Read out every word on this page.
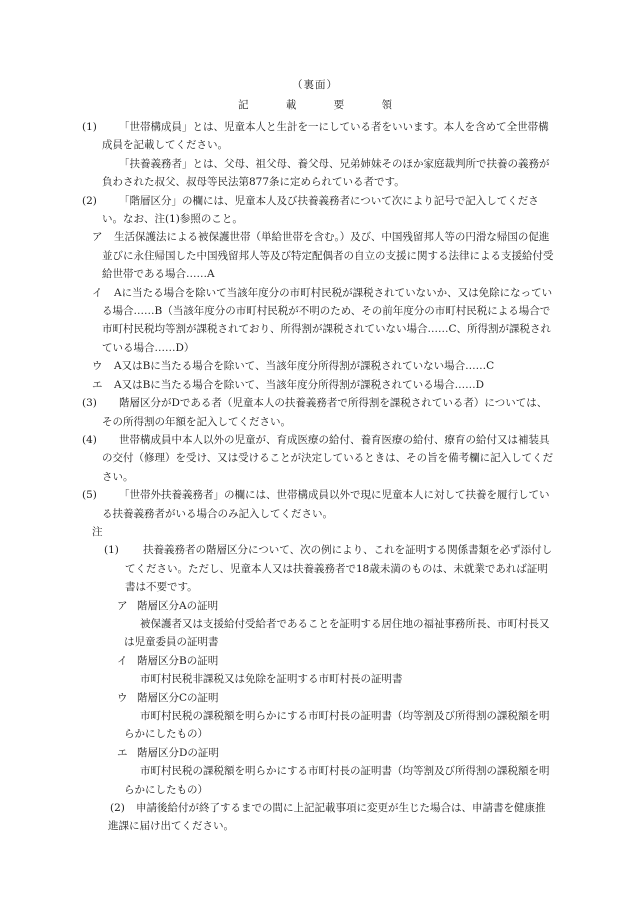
（裏面）
記 載 要 領
(1)	「世帯構成員」とは、児童本人と生計を一にしている者をいいます。本人を含めて全世帯構成員を記載してください。
「扶養義務者」とは、父母、祖父母、養父母、兄弟姉妹そのほか家庭裁判所で扶養の義務が負わされた叔父、叔母等民法第877条に定められている者です。
(2)	「階層区分」の欄には、児童本人及び扶養義務者について次により記号で記入してください。なお、注(1)参照のこと。
ア	生活保護法による被保護世帯（単給世帯を含む。）及び、中国残留邦人等の円滑な帰国の促進並びに永住帰国した中国残留邦人等及び特定配偶者の自立の支援に関する法律による支援給付受給世帯である場合……A
イ	Aに当たる場合を除いて当該年度分の市町村民税が課税されていないか、又は免除になっている場合……B（当該年度分の市町村民税が不明のため、その前年度分の市町村民税による場合で市町村民税均等割が課税されており、所得割が課税されていない場合……C、所得割が課税されている場合……D）
ウ	A又はBに当たる場合を除いて、当該年度分所得割が課税されていない場合……C
エ	A又はBに当たる場合を除いて、当該年度分所得割が課税されている場合……D
(3)	階層区分がDである者（児童本人の扶養義務者で所得割を課税されている者）については、その所得割の年額を記入してください。
(4)	世帯構成員中本人以外の児童が、育成医療の給付、養育医療の給付、療育の給付又は補装具の交付（修理）を受け、又は受けることが決定しているときは、その旨を備考欄に記入してください。
(5)	「世帯外扶養義務者」の欄には、世帯構成員以外で現に児童本人に対して扶養を履行している扶養義務者がいる場合のみ記入してください。
注
(1)	扶養義務者の階層区分について、次の例により、これを証明する関係書類を必ず添付してください。ただし、児童本人又は扶養義務者で18歳未満のものは、未就業であれば証明書は不要です。
ア 階層区分Aの証明
被保護者又は支援給付受給者であることを証明する居住地の福祉事務所長、市町村長又は児童委員の証明書
イ 階層区分Bの証明
市町村民税非課税又は免除を証明する市町村長の証明書
ウ 階層区分Cの証明
市町村民税の課税額を明らかにする市町村長の証明書（均等割及び所得割の課税額を明らかにしたもの）
エ 階層区分Dの証明
市町村民税の課税額を明らかにする市町村長の証明書（均等割及び所得割の課税額を明らかにしたもの）
(2)	申請後給付が終了するまでの間に上記記載事項に変更が生じた場合は、申請書を健康推進課に届け出てください。
